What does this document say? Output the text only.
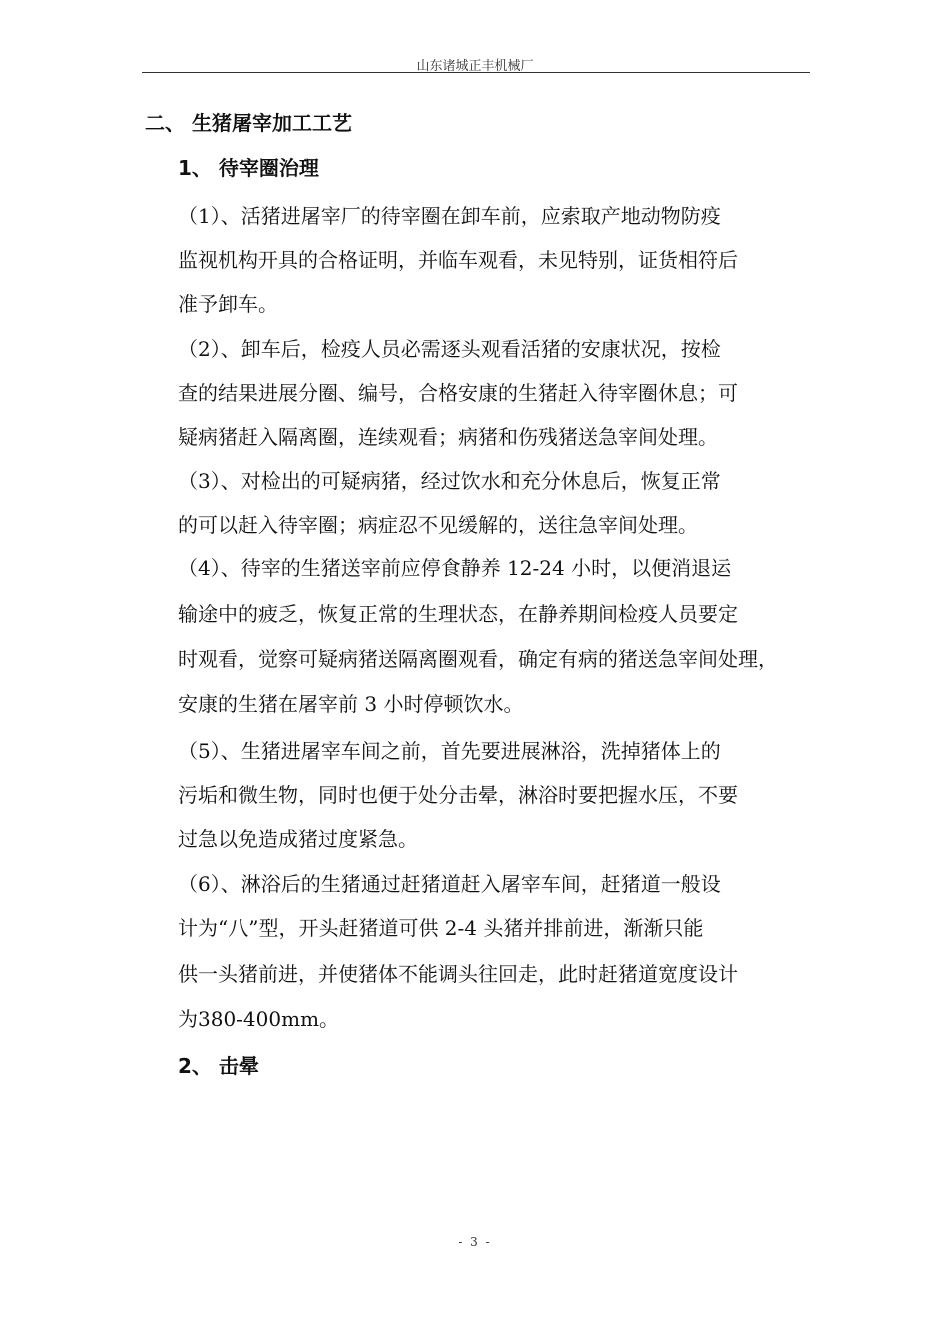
山东诸城正丰机械厂
二、 生猪屠宰加工工艺
1、 待宰圈治理
（1）、活猪进屠宰厂的待宰圈在卸车前，应索取产地动物防疫
监视机构开具的合格证明，并临车观看，未见特别，证货相符后
准予卸车。
（2）、卸车后，检疫人员必需逐头观看活猪的安康状况，按检
查的结果进展分圈、编号，合格安康的生猪赶入待宰圈休息；可
疑病猪赶入隔离圈，连续观看；病猪和伤残猪送急宰间处理。
（3）、对检出的可疑病猪，经过饮水和充分休息后，恢复正常
的可以赶入待宰圈；病症忍不见缓解的，送往急宰间处理。
（4）、待宰的生猪送宰前应停食静养 12-24 小时，以便消退运
输途中的疲乏，恢复正常的生理状态，在静养期间检疫人员要定
时观看，觉察可疑病猪送隔离圈观看，确定有病的猪送急宰间处理，
安康的生猪在屠宰前 3 小时停顿饮水。
（5）、生猪进屠宰车间之前，首先要进展淋浴，洗掉猪体上的
污垢和微生物，同时也便于处分击晕，淋浴时要把握水压，不要
过急以免造成猪过度紧急。
（6）、淋浴后的生猪通过赶猪道赶入屠宰车间，赶猪道一般设
计为“八”型，开头赶猪道可供 2-4 头猪并排前进，渐渐只能
供一头猪前进，并使猪体不能调头往回走，此时赶猪道宽度设计
为380-400mm。
2、 击晕
- 3 -
